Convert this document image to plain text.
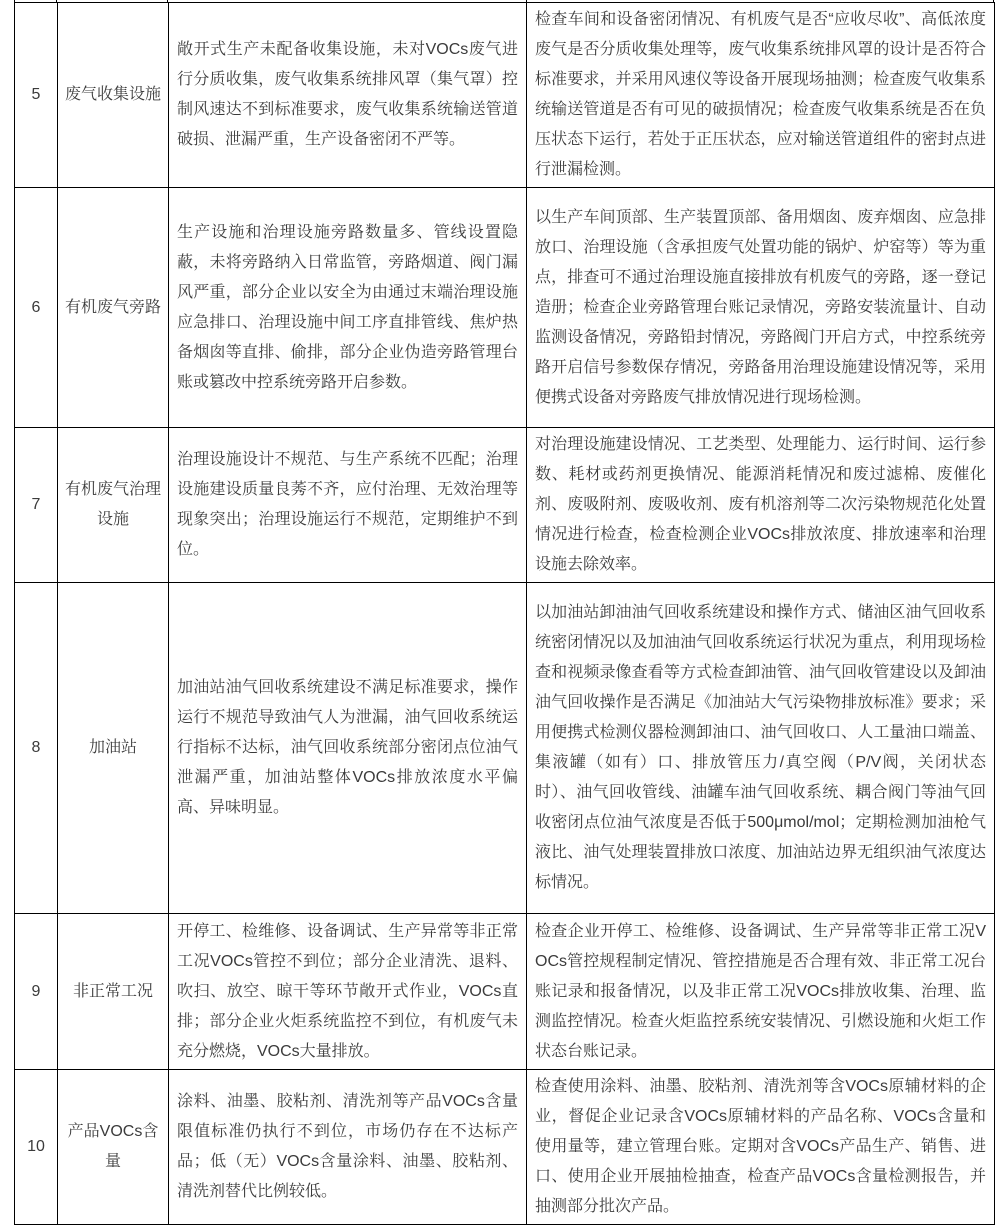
5	废气收集设施	敞开式生产未配备收集设施，未对VOCs废气进行分质收集，废气收集系统排风罩（集气罩）控制风速达不到标准要求，废气收集系统输送管道破损、泄漏严重，生产设备密闭不严等。	检查车间和设备密闭情况、有机废气是否“应收尽收”、高低浓度废气是否分质收集处理等，废气收集系统排风罩的设计是否符合标准要求，并采用风速仪等设备开展现场抽测；检查废气收集系统输送管道是否有可见的破损情况；检查废气收集系统是否在负压状态下运行，若处于正压状态，应对输送管道组件的密封点进行泄漏检测。
6	有机废气旁路	生产设施和治理设施旁路数量多、管线设置隐蔽，未将旁路纳入日常监管，旁路烟道、阀门漏风严重，部分企业以安全为由通过末端治理设施应急排口、治理设施中间工序直排管线、焦炉热备烟囱等直排、偷排，部分企业伪造旁路管理台账或篡改中控系统旁路开启参数。	以生产车间顶部、生产装置顶部、备用烟囱、废弃烟囱、应急排放口、治理设施（含承担废气处置功能的锅炉、炉窑等）等为重点，排查可不通过治理设施直接排放有机废气的旁路，逐一登记造册；检查企业旁路管理台账记录情况，旁路安装流量计、自动监测设备情况，旁路铅封情况，旁路阀门开启方式，中控系统旁路开启信号参数保存情况，旁路备用治理设施建设情况等，采用便携式设备对旁路废气排放情况进行现场检测。
7	有机废气治理设施	治理设施设计不规范、与生产系统不匹配；治理设施建设质量良莠不齐，应付治理、无效治理等现象突出；治理设施运行不规范，定期维护不到位。	对治理设施建设情况、工艺类型、处理能力、运行时间、运行参数、耗材或药剂更换情况、能源消耗情况和废过滤棉、废催化剂、废吸附剂、废吸收剂、废有机溶剂等二次污染物规范化处置情况进行检查，检查检测企业VOCs排放浓度、排放速率和治理设施去除效率。
8	加油站	加油站油气回收系统建设不满足标准要求，操作运行不规范导致油气人为泄漏，油气回收系统运行指标不达标，油气回收系统部分密闭点位油气泄漏严重，加油站整体VOCs排放浓度水平偏高、异味明显。	以加油站卸油油气回收系统建设和操作方式、储油区油气回收系统密闭情况以及加油油气回收系统运行状况为重点，利用现场检查和视频录像查看等方式检查卸油管、油气回收管建设以及卸油油气回收操作是否满足《加油站大气污染物排放标准》要求；采用便携式检测仪器检测卸油口、油气回收口、人工量油口端盖、集液罐（如有）口、排放管压力/真空阀（P/V阀，关闭状态时）、油气回收管线、油罐车油气回收系统、耦合阀门等油气回收密闭点位油气浓度是否低于500μmol/mol；定期检测加油枪气液比、油气处理装置排放口浓度、加油站边界无组织油气浓度达标情况。
9	非正常工况	开停工、检维修、设备调试、生产异常等非正常工况VOCs管控不到位；部分企业清洗、退料、吹扫、放空、晾干等环节敞开式作业，VOCs直排；部分企业火炬系统监控不到位，有机废气未充分燃烧，VOCs大量排放。	检查企业开停工、检维修、设备调试、生产异常等非正常工况VOCs管控规程制定情况、管控措施是否合理有效、非正常工况台账记录和报备情况，以及非正常工况VOCs排放收集、治理、监测监控情况。检查火炬监控系统安装情况、引燃设施和火炬工作状态台账记录。
10	产品VOCs含量	涂料、油墨、胶粘剂、清洗剂等产品VOCs含量限值标准仍执行不到位，市场仍存在不达标产品；低（无）VOCs含量涂料、油墨、胶粘剂、清洗剂替代比例较低。	检查使用涂料、油墨、胶粘剂、清洗剂等含VOCs原辅材料的企业，督促企业记录含VOCs原辅材料的产品名称、VOCs含量和使用量等，建立管理台账。定期对含VOCs产品生产、销售、进口、使用企业开展抽检抽查，检查产品VOCs含量检测报告，并抽测部分批次产品。
